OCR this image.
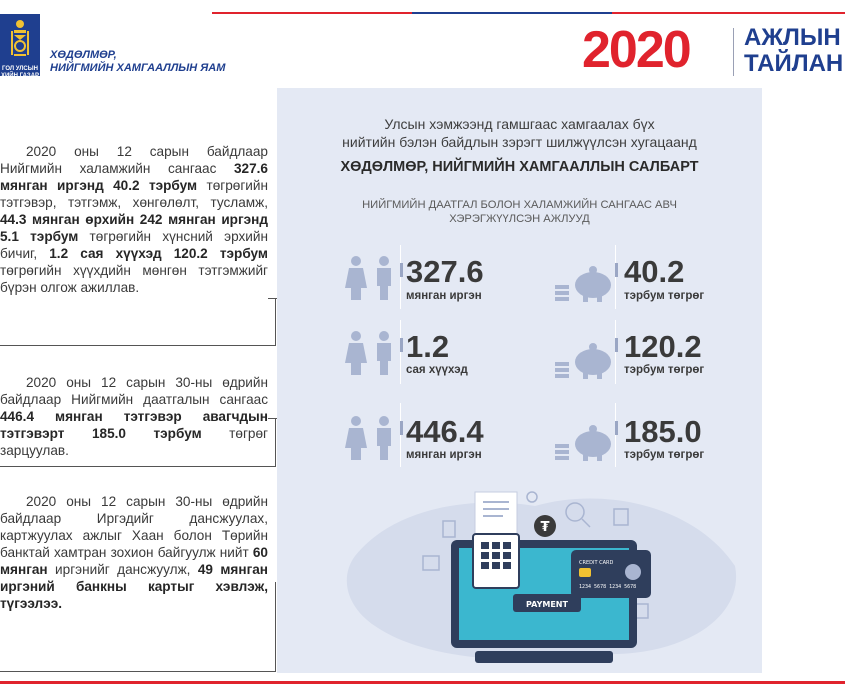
ГОЛ УЛСЫН
ХИЙН ГАЗАР
ХӨДӨЛМӨР,
НИЙГМИЙН ХАМГААЛЛЫН ЯАМ	2020 АЖЛЫН
ТАЙЛАН
2020 оны 12 сарын байдлаар Нийгмийн халамжийн сангаас 327.6 мянган иргэнд 40.2 тэрбум төгрөгийн тэтгэвэр, тэтгэмж, хөнгөлөлт, тусламж, 44.3 мянган өрхийн 242 мянган иргэнд 5.1 тэрбум төгрөгийн хүнсний эрхийн бичиг, 1.2 сая хүүхэд 120.2 тэрбум төгрөгийн хүүхдийн мөнгөн тэтгэмжийг бүрэн олгож ажиллав.
2020 оны 12 сарын 30-ны өдрийн байдлаар Нийгмийн даатгалын сангаас 446.4 мянган тэтгэвэр авагчдын тэтгэвэрт 185.0 тэрбум төгрөг зарцуулав.
2020 оны 12 сарын 30-ны өдрийн байдлаар Иргэдийг дансжуулах, картжуулах ажлыг Хаан болон Төрийн банктай хамтран зохион байгуулж нийт 60 мянган иргэнийг дансжуулж, 49 мянган иргэний банкны картыг хэвлэж, түгээлээ.
Улсын хэмжээнд гамшгаас хамгаалах бүх
нийтийн бэлэн байдлын зэрэгт шилжүүлсэн хугацаанд
ХӨДӨЛМӨР, НИЙГМИЙН ХАМГААЛЛЫН САЛБАРТ
НИЙГМИЙН ДААТГАЛ БОЛОН ХАЛАМЖИЙН САНГААС АВЧ
ХЭРЭГЖҮҮЛСЭН АЖЛУУД
327.6
мянган иргэн
40.2
тэрбум төгрөг
1.2
сая хүүхэд
120.2
тэрбум төгрөг
446.4
мянган иргэн
185.0
тэрбум төгрөг
₮
PAYMENT
CREDIT CARD
1234 5678 1234 5678
